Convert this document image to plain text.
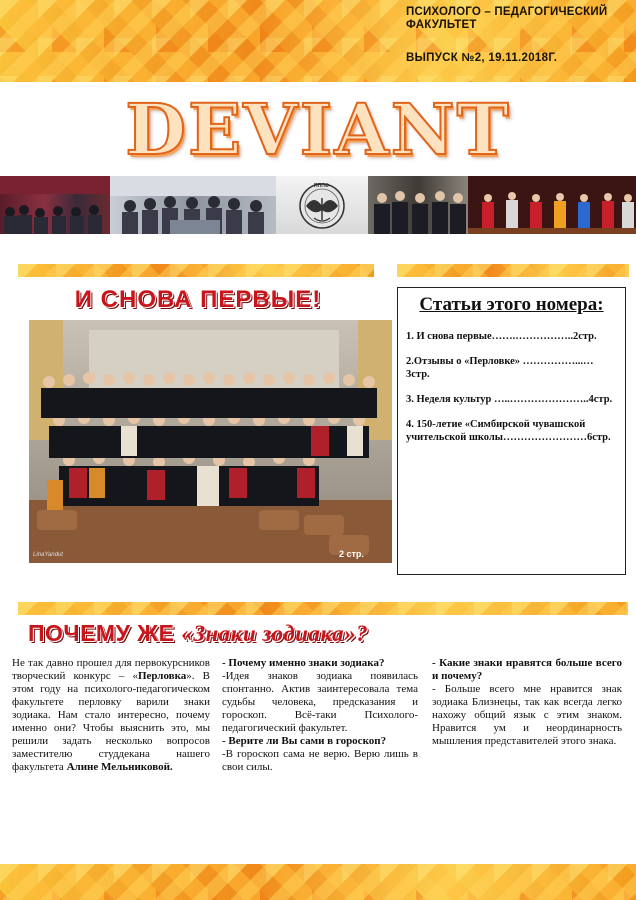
ПСИХОЛОГО – ПЕДАГОГИЧЕСКИЙ ФАКУЛЬТЕТ
ВЫПУСК №2, 19.11.2018Г.
DEVIANT
ПППФ
И СНОВА ПЕРВЫЕ!
LinaYandut	2 стр.
Статьи этого номера:
1. И снова первые…….……………..2стр.
2.Отзывы о «Перловке» ……………...…3стр.
3. Неделя культур …..…………………..4стр.
4. 150-летие «Симбирской чувашской учительской школы……………………6стр.
ПОЧЕМУ ЖЕ «Знаки зодиака»?

Не так давно прошел для первокурсников творческий конкурс – «Перловка». В этом году на психолого-педагогическом факультете перловку варили знаки зодиака. Нам стало интересно, почему именно они? Чтобы выяснить это, мы решили задать несколько вопросов заместителю студдекана нашего факультета Алине Мельниковой.

- Почему именно знаки зодиака?

-Идея знаков зодиака появилась спонтанно. Актив заинтересовала тема судьбы человека, предсказания и гороскоп. Всё-таки Психолого-педагогический факультет.

- Верите ли Вы сами в гороскоп?

-В гороскоп сама не верю. Верю лишь в свои силы.

- Какие знаки нравятся больше всего и почему?

- Больше всего мне нравится знак зодиака Близнецы, так как всегда легко нахожу общий язык с этим знаком. Нравится ум и неординарность мышления представителей этого знака.
